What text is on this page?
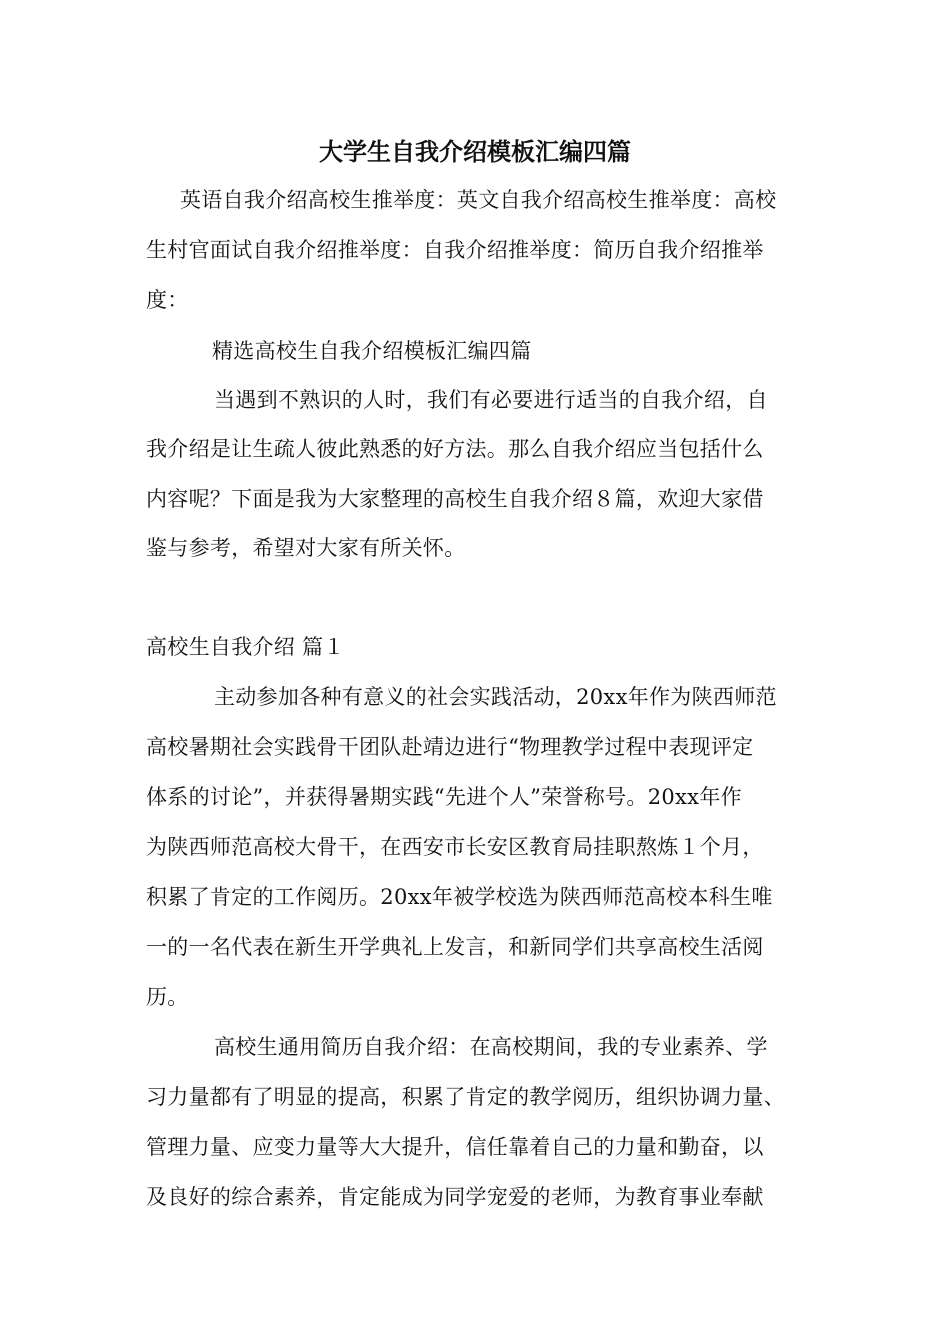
大学生自我介绍模板汇编四篇
英语自我介绍高校生推举度：英文自我介绍高校生推举度：高校
生村官面试自我介绍推举度：自我介绍推举度：简历自我介绍推举
度：
精选高校生自我介绍模板汇编四篇
当遇到不熟识的人时，我们有必要进行适当的自我介绍，自
我介绍是让生疏人彼此熟悉的好方法。那么自我介绍应当包括什么
内容呢？下面是我为大家整理的高校生自我介绍８篇，欢迎大家借
鉴与参考，希望对大家有所关怀。
高校生自我介绍 篇１
主动参加各种有意义的社会实践活动，20xx年作为陕西师范
高校暑期社会实践骨干团队赴靖边进行“物理教学过程中表现评定
体系的讨论”，并获得暑期实践“先进个人”荣誉称号。20xx年作
为陕西师范高校大骨干，在西安市长安区教育局挂职熬炼１个月，
积累了肯定的工作阅历。20xx年被学校选为陕西师范高校本科生唯
一的一名代表在新生开学典礼上发言，和新同学们共享高校生活阅
历。
高校生通用简历自我介绍：在高校期间，我的专业素养、学
习力量都有了明显的提高，积累了肯定的教学阅历，组织协调力量、
管理力量、应变力量等大大提升，信任靠着自己的力量和勤奋，以
及良好的综合素养，肯定能成为同学宠爱的老师，为教育事业奉献
